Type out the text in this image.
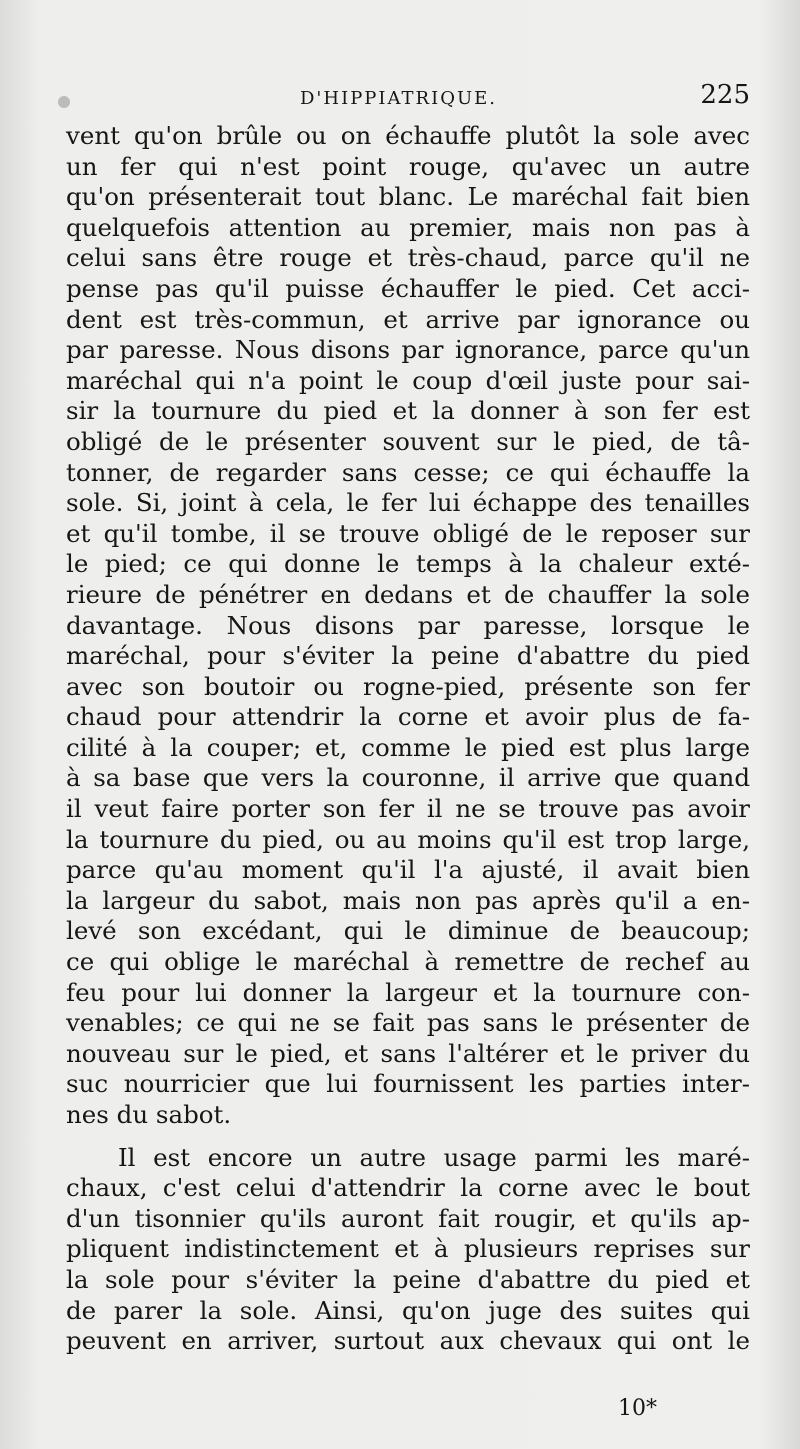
D'HIPPIATRIQUE.	225
vent qu'on brûle ou on échauffe plutôt la sole avec
un fer qui n'est point rouge, qu'avec un autre
qu'on présenterait tout blanc. Le maréchal fait bien
quelquefois attention au premier, mais non pas à
celui sans être rouge et très-chaud, parce qu'il ne
pense pas qu'il puisse échauffer le pied. Cet acci-
dent est très-commun, et arrive par ignorance ou
par paresse. Nous disons par ignorance, parce qu'un
maréchal qui n'a point le coup d'œil juste pour sai-
sir la tournure du pied et la donner à son fer est
obligé de le présenter souvent sur le pied, de tâ-
tonner, de regarder sans cesse; ce qui échauffe la
sole. Si, joint à cela, le fer lui échappe des tenailles
et qu'il tombe, il se trouve obligé de le reposer sur
le pied; ce qui donne le temps à la chaleur exté-
rieure de pénétrer en dedans et de chauffer la sole
davantage. Nous disons par paresse, lorsque le
maréchal, pour s'éviter la peine d'abattre du pied
avec son boutoir ou rogne-pied, présente son fer
chaud pour attendrir la corne et avoir plus de fa-
cilité à la couper; et, comme le pied est plus large
à sa base que vers la couronne, il arrive que quand
il veut faire porter son fer il ne se trouve pas avoir
la tournure du pied, ou au moins qu'il est trop large,
parce qu'au moment qu'il l'a ajusté, il avait bien
la largeur du sabot, mais non pas après qu'il a en-
levé son excédant, qui le diminue de beaucoup;
ce qui oblige le maréchal à remettre de rechef au
feu pour lui donner la largeur et la tournure con-
venables; ce qui ne se fait pas sans le présenter de
nouveau sur le pied, et sans l'altérer et le priver du
suc nourricier que lui fournissent les parties inter-
nes du sabot.
Il est encore un autre usage parmi les maré-
chaux, c'est celui d'attendrir la corne avec le bout
d'un tisonnier qu'ils auront fait rougir, et qu'ils ap-
pliquent indistinctement et à plusieurs reprises sur
la sole pour s'éviter la peine d'abattre du pied et
de parer la sole. Ainsi, qu'on juge des suites qui
peuvent en arriver, surtout aux chevaux qui ont le
10*
